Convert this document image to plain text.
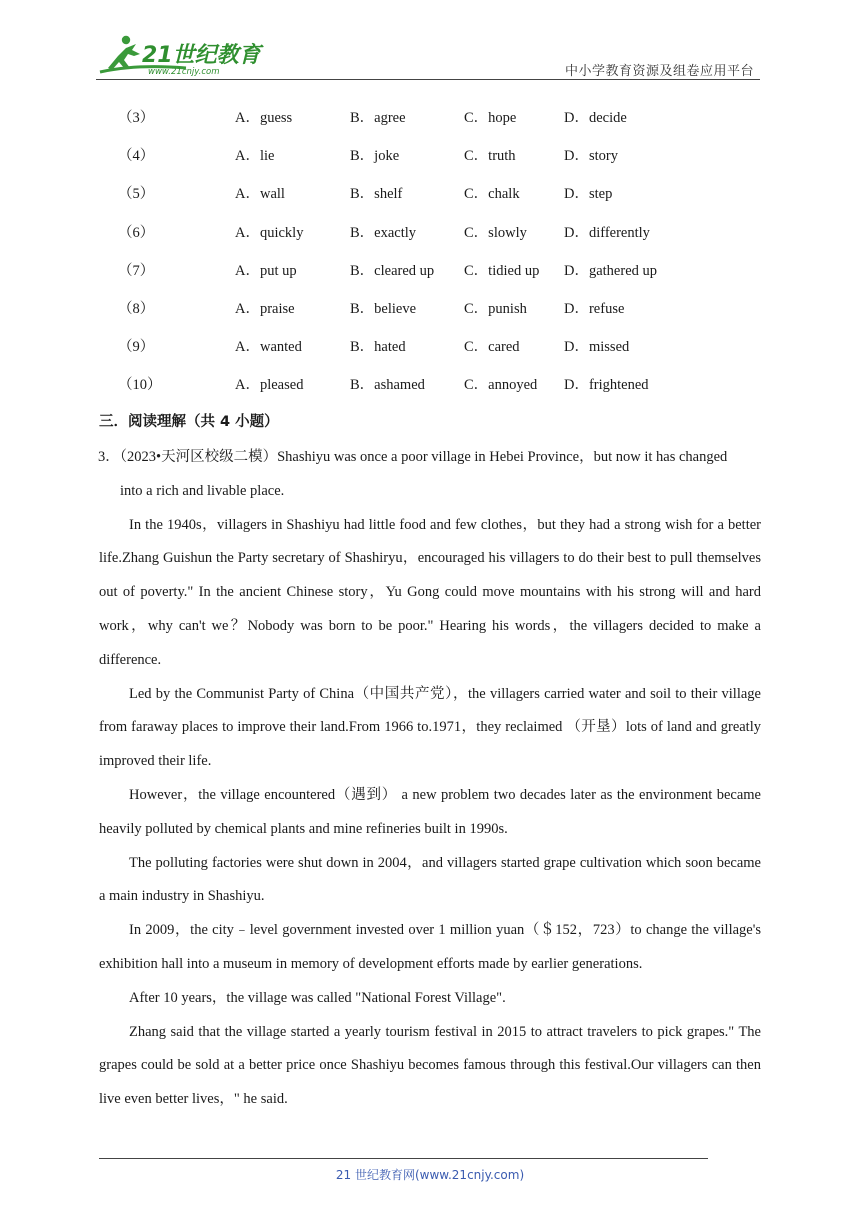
21世纪教育
www.21cnjy.com	中小学教育资源及组卷应用平台
（3）	A．guess	B．agree	C．hope	D．decide
（4）	A．lie	B．joke	C．truth	D．story
（5）	A．wall	B．shelf	C．chalk	D．step
（6）	A．quickly	B．exactly	C．slowly	D．differently
（7）	A．put up	B．cleared up C．tidied up D．gathered up
（8）	A．praise	B．believe	C．punish	D．refuse
（9）	A．wanted	B．hated	C．cared	D．missed
（10）	A．pleased	B．ashamed	C．annoyed D．frightened
三．阅读理解（共 4 小题）

3．（2023•天河区校级二模）Shashiyu was once a poor village in Hebei Province，but now it has changed

into a rich and livable place.

In the 1940s，villagers in Shashiyu had little food and few clothes，but they had a strong wish for a better life.Zhang Guishun the Party secretary of Shashiryu，encouraged his villagers to do their best to pull themselves out of poverty." In the ancient Chinese story，Yu Gong could move mountains with his strong will and hard work，why can't we？Nobody was born to be poor." Hearing his words，the villagers decided to make a difference.

Led by the Communist Party of China（中国共产党），the villagers carried water and soil to their village from faraway places to improve their land.From 1966 to.1971，they reclaimed （开垦）lots of land and greatly improved their life.

However，the village encountered（遇到） a new problem two decades later as the environment became heavily polluted by chemical plants and mine refineries built in 1990s.

The polluting factories were shut down in 2004，and villagers started grape cultivation which soon became a main industry in Shashiyu.

In 2009，the city﹣level government invested over 1 million yuan（＄152，723）to change the village's exhibition hall into a museum in memory of development efforts made by earlier generations.

After 10 years，the village was called "National Forest Village".

Zhang said that the village started a yearly tourism festival in 2015 to attract travelers to pick grapes." The grapes could be sold at a better price once Shashiyu becomes famous through this festival.Our villagers can then live even better lives，" he said.

21 世纪教育网(www.21cnjy.com)
